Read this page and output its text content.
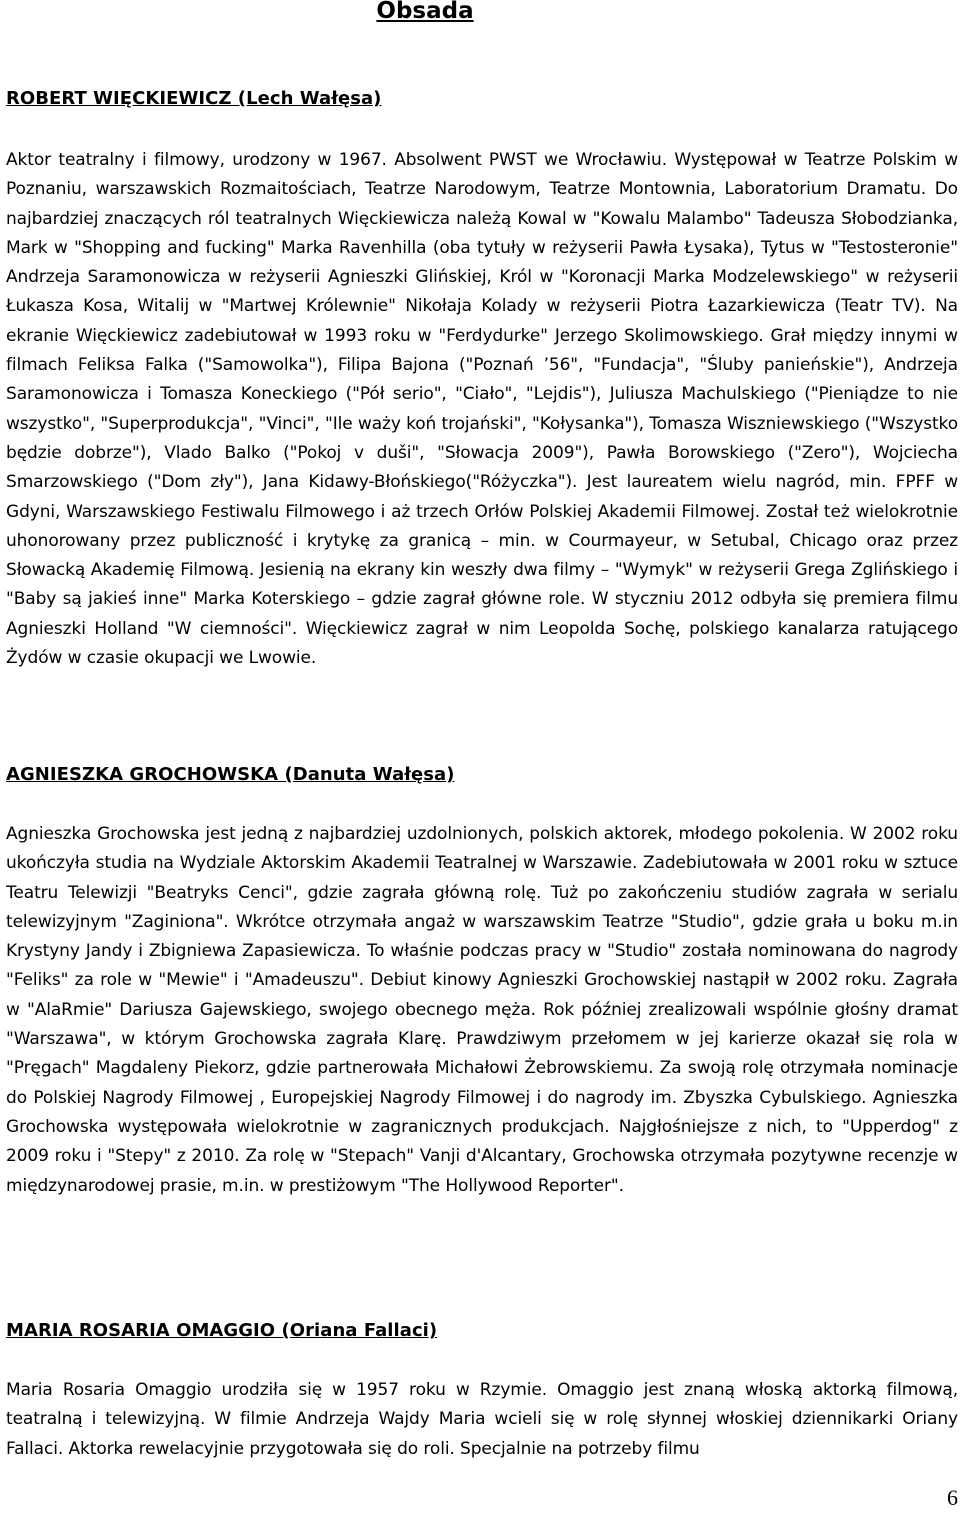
Obsada
ROBERT WIĘCKIEWICZ (Lech Wałęsa)

Aktor teatralny i filmowy, urodzony w 1967. Absolwent PWST we Wrocławiu. Występował w Teatrze Polskim w Poznaniu, warszawskich Rozmaitościach, Teatrze Narodowym, Teatrze Montownia, Laboratorium Dramatu. Do najbardziej znaczących ról teatralnych Więckiewicza należą Kowal w "Kowalu Malambo" Tadeusza Słobodzianka, Mark w "Shopping and fucking" Marka Ravenhilla (oba tytuły w reżyserii Pawła Łysaka), Tytus w "Testosteronie" Andrzeja Saramonowicza w reżyserii Agnieszki Glińskiej, Król w "Koronacji Marka Modzelewskiego" w reżyserii Łukasza Kosa, Witalij w "Martwej Królewnie" Nikołaja Kolady w reżyserii Piotra Łazarkiewicza (Teatr TV). Na ekranie Więckiewicz zadebiutował w 1993 roku w "Ferdydurke" Jerzego Skolimowskiego. Grał między innymi w filmach Feliksa Falka ("Samowolka"), Filipa Bajona ("Poznań ’56", "Fundacja", "Śluby panieńskie"), Andrzeja Saramonowicza i Tomasza Koneckiego ("Pół serio", "Ciało", "Lejdis"), Juliusza Machulskiego ("Pieniądze to nie wszystko", "Superprodukcja", "Vinci", "Ile waży koń trojański", "Kołysanka"), Tomasza Wiszniewskiego ("Wszystko będzie dobrze"), Vlado Balko ("Pokoj v duši", "Słowacja 2009"), Pawła Borowskiego ("Zero"), Wojciecha Smarzowskiego ("Dom zły"), Jana Kidawy-Błońskiego("Różyczka"). Jest laureatem wielu nagród, min. FPFF w Gdyni, Warszawskiego Festiwalu Filmowego i aż trzech Orłów Polskiej Akademii Filmowej. Został też wielokrotnie uhonorowany przez publiczność i krytykę za granicą – min. w Courmayeur, w Setubal, Chicago oraz przez Słowacką Akademię Filmową. Jesienią na ekrany kin weszły dwa filmy – "Wymyk" w reżyserii Grega Zglińskiego i "Baby są jakieś inne" Marka Koterskiego – gdzie zagrał główne role. W styczniu 2012 odbyła się premiera filmu Agnieszki Holland "W ciemności". Więckiewicz zagrał w nim Leopolda Sochę, polskiego kanalarza ratującego Żydów w czasie okupacji we Lwowie.

AGNIESZKA GROCHOWSKA (Danuta Wałęsa)

Agnieszka Grochowska jest jedną z najbardziej uzdolnionych, polskich aktorek, młodego pokolenia. W 2002 roku ukończyła studia na Wydziale Aktorskim Akademii Teatralnej w Warszawie. Zadebiutowała w 2001 roku w sztuce Teatru Telewizji "Beatryks Cenci", gdzie zagrała główną rolę. Tuż po zakończeniu studiów zagrała w serialu telewizyjnym "Zaginiona". Wkrótce otrzymała angaż w warszawskim Teatrze "Studio", gdzie grała u boku m.in Krystyny Jandy i Zbigniewa Zapasiewicza. To właśnie podczas pracy w "Studio" została nominowana do nagrody "Feliks" za role w "Mewie" i "Amadeuszu". Debiut kinowy Agnieszki Grochowskiej nastąpił w 2002 roku. Zagrała w "AlaRmie" Dariusza Gajewskiego, swojego obecnego męża. Rok później zrealizowali wspólnie głośny dramat "Warszawa", w którym Grochowska zagrała Klarę. Prawdziwym przełomem w jej karierze okazał się rola w "Pręgach" Magdaleny Piekorz, gdzie partnerowała Michałowi Żebrowskiemu. Za swoją rolę otrzymała nominacje do Polskiej Nagrody Filmowej , Europejskiej Nagrody Filmowej i do nagrody im. Zbyszka Cybulskiego. Agnieszka Grochowska występowała wielokrotnie w zagranicznych produkcjach. Najgłośniejsze z nich, to "Upperdog" z 2009 roku i "Stepy" z 2010. Za rolę w "Stepach" Vanji d'Alcantary, Grochowska otrzymała pozytywne recenzje w międzynarodowej prasie, m.in. w prestiżowym "The Hollywood Reporter".

MARIA ROSARIA OMAGGIO (Oriana Fallaci)

Maria Rosaria Omaggio urodziła się w 1957 roku w Rzymie. Omaggio jest znaną włoską aktorką filmową, teatralną i telewizyjną. W filmie Andrzeja Wajdy Maria wcieli się w rolę słynnej włoskiej dziennikarki Oriany Fallaci. Aktorka rewelacyjnie przygotowała się do roli. Specjalnie na potrzeby filmu

6
